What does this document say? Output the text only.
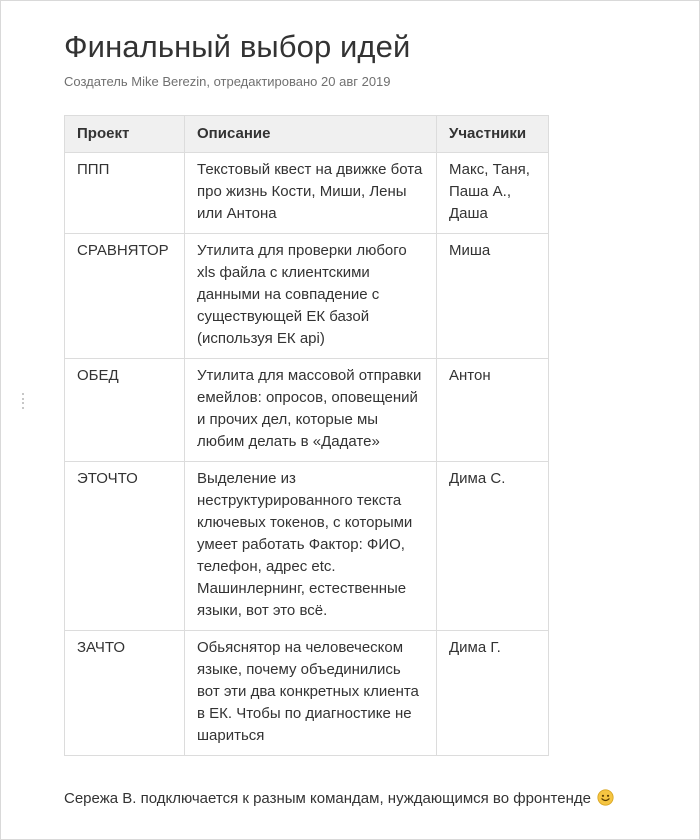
Финальный выбор идей
Создатель Mike Berezin, отредактировано 20 авг 2019
Проект	Описание	Участники
ППП	Текстовый квест на движке бота про жизнь Кости, Миши, Лены или Антона	Макс, Таня, Паша А., Даша
СРАВНЯТОР	Утилита для проверки любого xls файла с клиентскими данными на совпадение с существующей ЕК базой (используя ЕК api)	Миша
ОБЕД	Утилита для массовой отправки емейлов: опросов, оповещений и прочих дел, которые мы любим делать в «Дадате»	Антон
ЭТОЧТО	Выделение из неструктурированного текста ключевых токенов, с которыми умеет работать Фактор: ФИО, телефон, адрес etc. Машинлернинг, естественные языки, вот это всё.	Дима С.
ЗАЧТО	Обьяснятор на человеческом языке, почему объединились вот эти два конкретных клиента в ЕК. Чтобы по диагностике не шариться	Дима Г.
Сережа В. подключается к разным командам, нуждающимся во фронтенде
